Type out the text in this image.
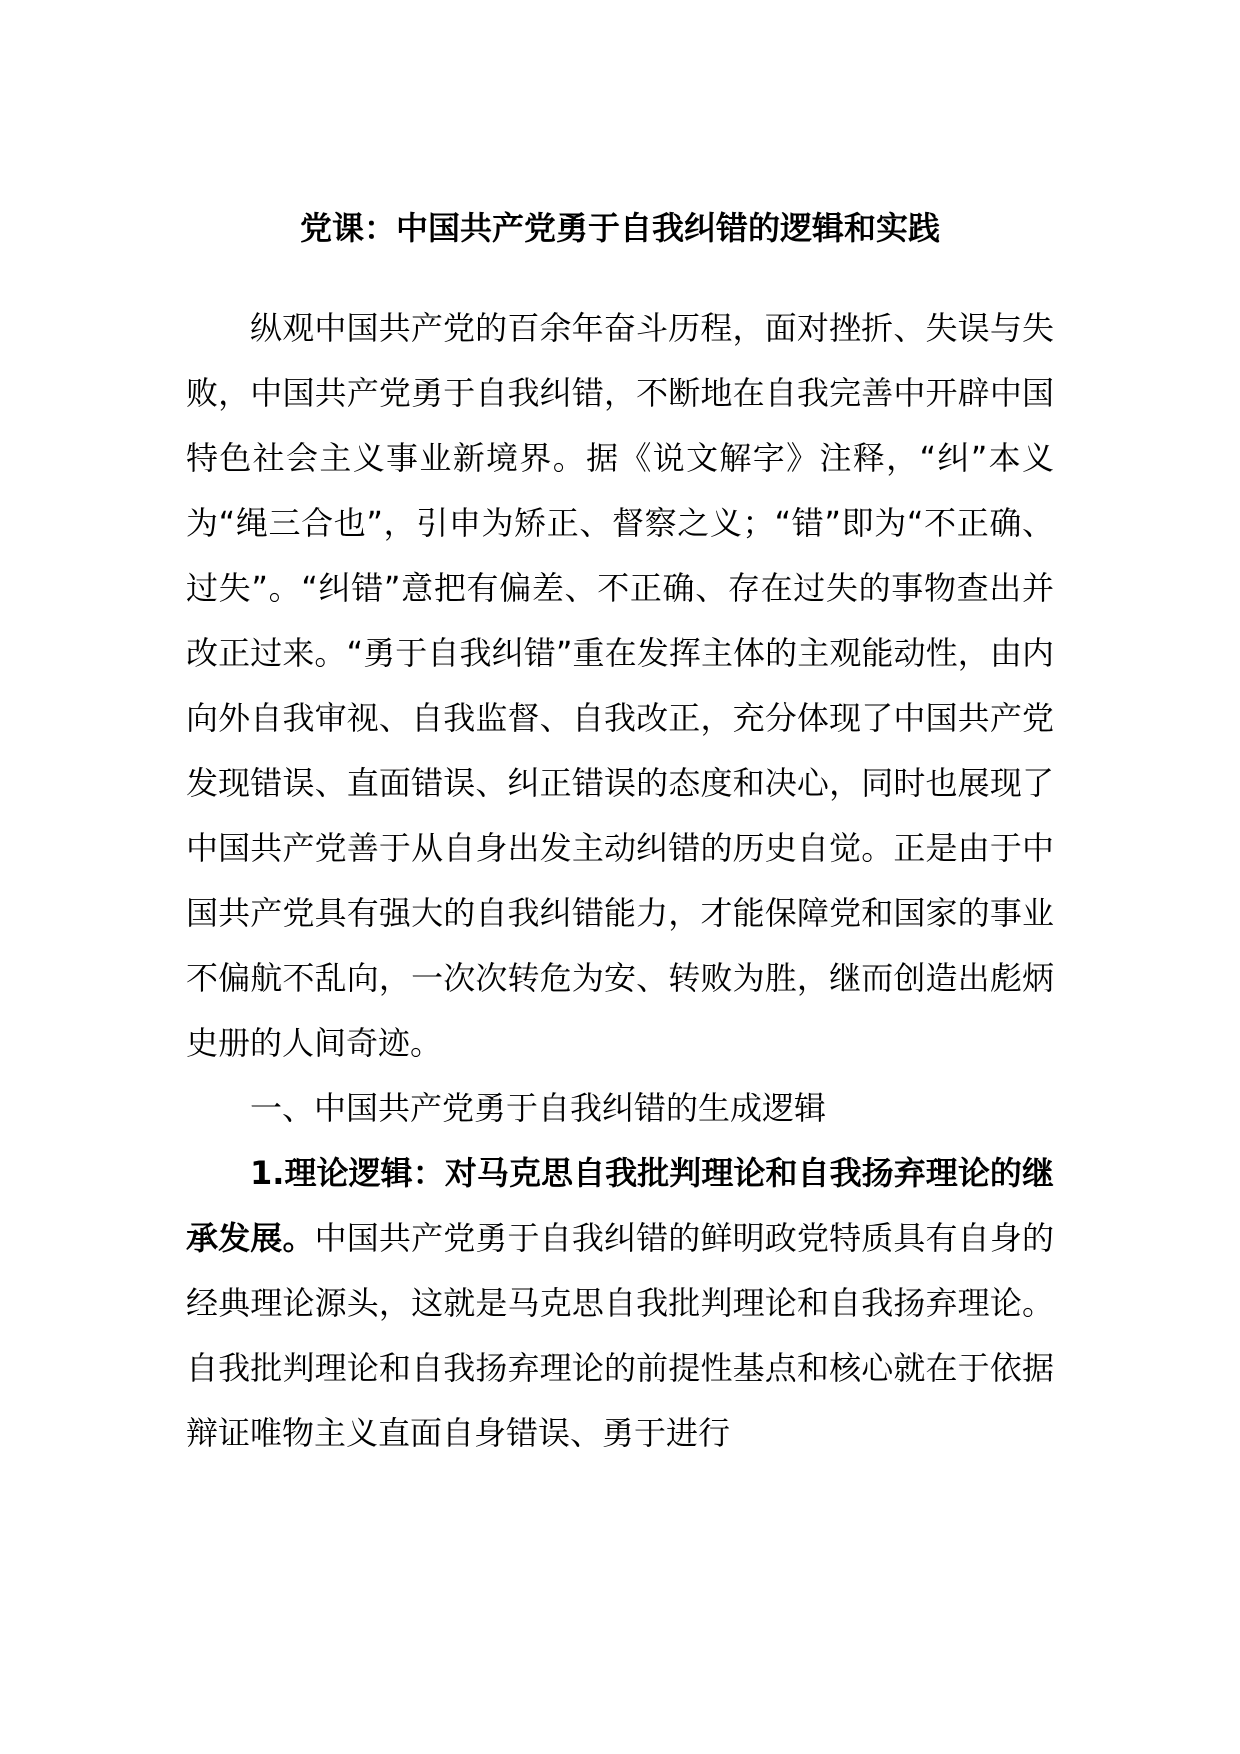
党课：中国共产党勇于自我纠错的逻辑和实践

纵观中国共产党的百余年奋斗历程，面对挫折、失误与失败，中国共产党勇于自我纠错，不断地在自我完善中开辟中国特色社会主义事业新境界。据《说文解字》注释，“纠”本义为“绳三合也”，引申为矫正、督察之义；“错”即为“不正确、过失”。“纠错”意把有偏差、不正确、存在过失的事物查出并改正过来。“勇于自我纠错”重在发挥主体的主观能动性，由内向外自我审视、自我监督、自我改正，充分体现了中国共产党发现错误、直面错误、纠正错误的态度和决心，同时也展现了中国共产党善于从自身出发主动纠错的历史自觉。正是由于中国共产党具有强大的自我纠错能力，才能保障党和国家的事业不偏航不乱向，一次次转危为安、转败为胜，继而创造出彪炳史册的人间奇迹。

一、中国共产党勇于自我纠错的生成逻辑

1.理论逻辑：对马克思自我批判理论和自我扬弃理论的继承发展。中国共产党勇于自我纠错的鲜明政党特质具有自身的经典理论源头，这就是马克思自我批判理论和自我扬弃理论。自我批判理论和自我扬弃理论的前提性基点和核心就在于依据辩证唯物主义直面自身错误、勇于进行
